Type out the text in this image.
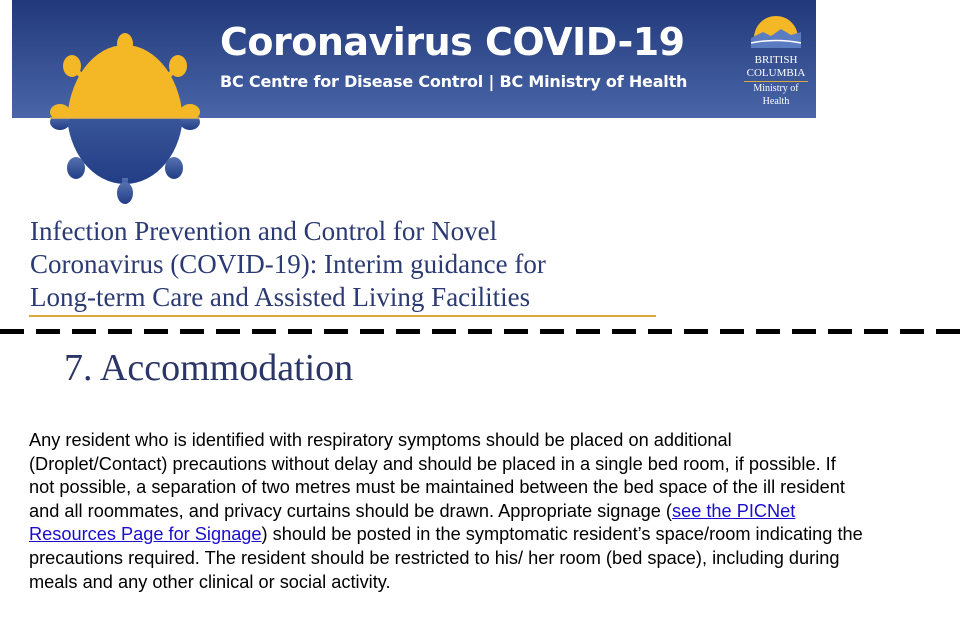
Coronavirus COVID-19
BC Centre for Disease Control | BC Ministry of Health
BRITISH
COLUMBIA
Ministry of
Health
Infection Prevention and Control for Novel
Coronavirus (COVID-19): Interim guidance for
Long-term Care and Assisted Living Facilities
7. Accommodation
Any resident who is identified with respiratory symptoms should be placed on additional
(Droplet/Contact) precautions without delay and should be placed in a single bed room, if possible. If
not possible, a separation of two metres must be maintained between the bed space of the ill resident
and all roommates, and privacy curtains should be drawn. Appropriate signage (see the PICNet
Resources Page for Signage) should be posted in the symptomatic resident’s space/room indicating the
precautions required. The resident should be restricted to his/ her room (bed space), including during
meals and any other clinical or social activity.
